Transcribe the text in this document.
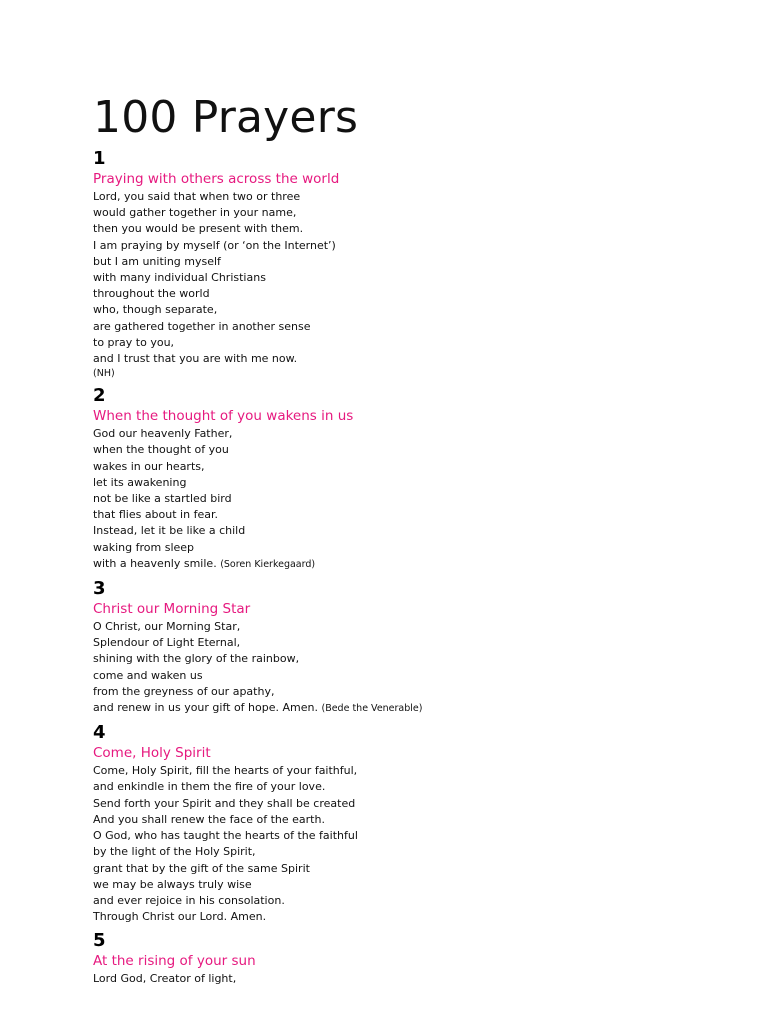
100 Prayers
1
Praying with others across the world
Lord, you said that when two or three
would gather together in your name,
then you would be present with them.
I am praying by myself (or ‘on the Internet’)
but I am uniting myself
with many individual Christians
throughout the world
who, though separate,
are gathered together in another sense
to pray to you,
and I trust that you are with me now.
(NH)
2
When the thought of you wakens in us
God our heavenly Father,
when the thought of you
wakes in our hearts,
let its awakening
not be like a startled bird
that flies about in fear.
Instead, let it be like a child
waking from sleep
with a heavenly smile. (Soren Kierkegaard)
3
Christ our Morning Star
O Christ, our Morning Star,
Splendour of Light Eternal,
shining with the glory of the rainbow,
come and waken us
from the greyness of our apathy,
and renew in us your gift of hope. Amen. (Bede the Venerable)
4
Come, Holy Spirit
Come, Holy Spirit, fill the hearts of your faithful,
and enkindle in them the fire of your love.
Send forth your Spirit and they shall be created
And you shall renew the face of the earth.
O God, who has taught the hearts of the faithful
by the light of the Holy Spirit,
grant that by the gift of the same Spirit
we may be always truly wise
and ever rejoice in his consolation.
Through Christ our Lord. Amen.
5
At the rising of your sun
Lord God, Creator of light,
